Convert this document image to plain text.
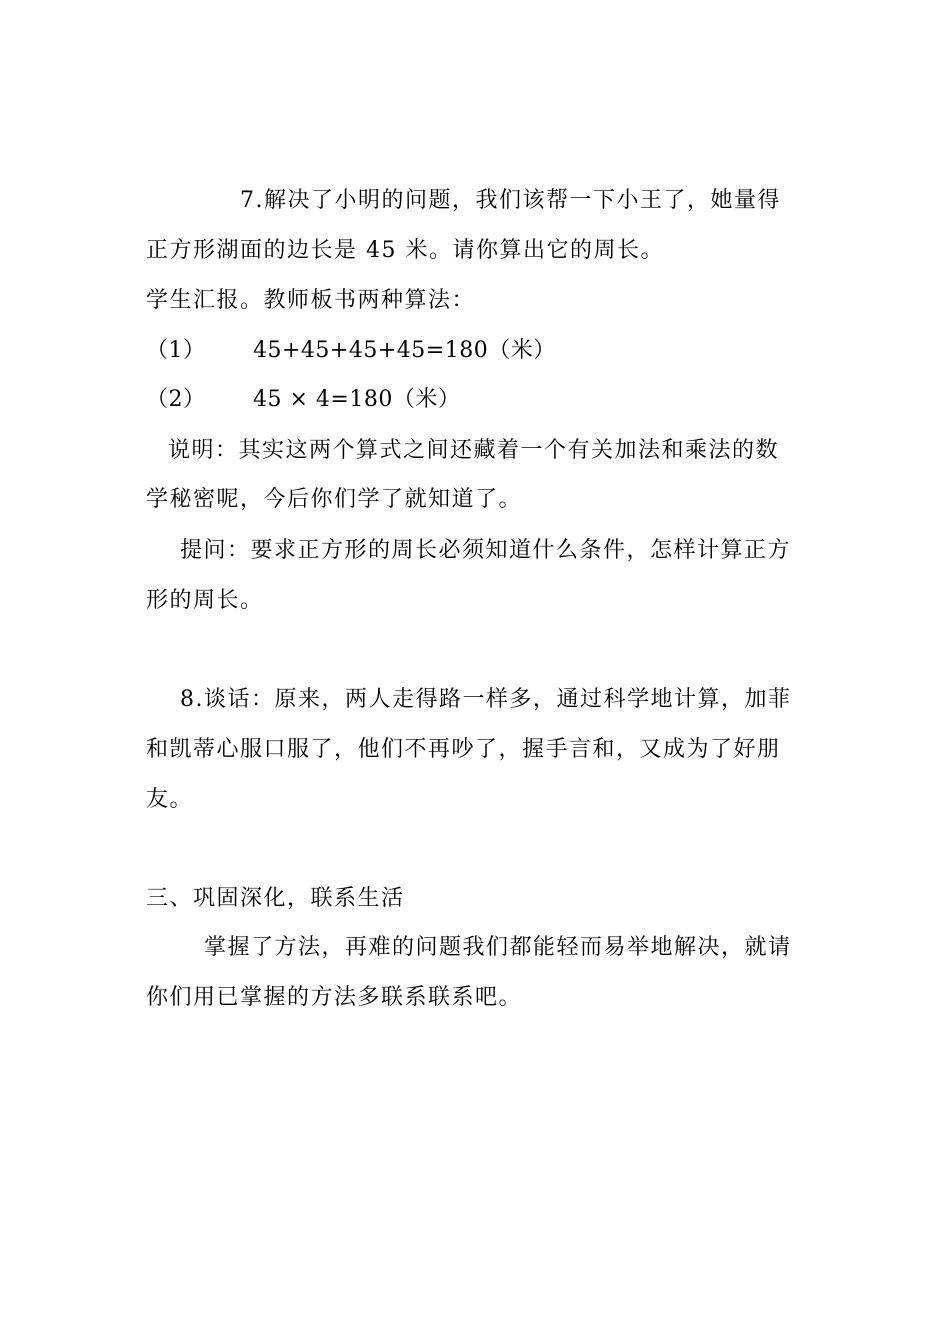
7.解决了小明的问题，我们该帮一下小王了，她量得
正方形湖面的边长是 45 米。请你算出它的周长。
学生汇报。教师板书两种算法：
（1） 45+45+45+45=180（米）
（2） 45 × 4=180（米）
说明：其实这两个算式之间还藏着一个有关加法和乘法的数
学秘密呢，今后你们学了就知道了。
提问：要求正方形的周长必须知道什么条件，怎样计算正方
形的周长。
8.谈话：原来，两人走得路一样多，通过科学地计算，加菲
和凯蒂心服口服了，他们不再吵了，握手言和，又成为了好朋
友。
三、巩固深化，联系生活
掌握了方法，再难的问题我们都能轻而易举地解决，就请
你们用已掌握的方法多联系联系吧。
